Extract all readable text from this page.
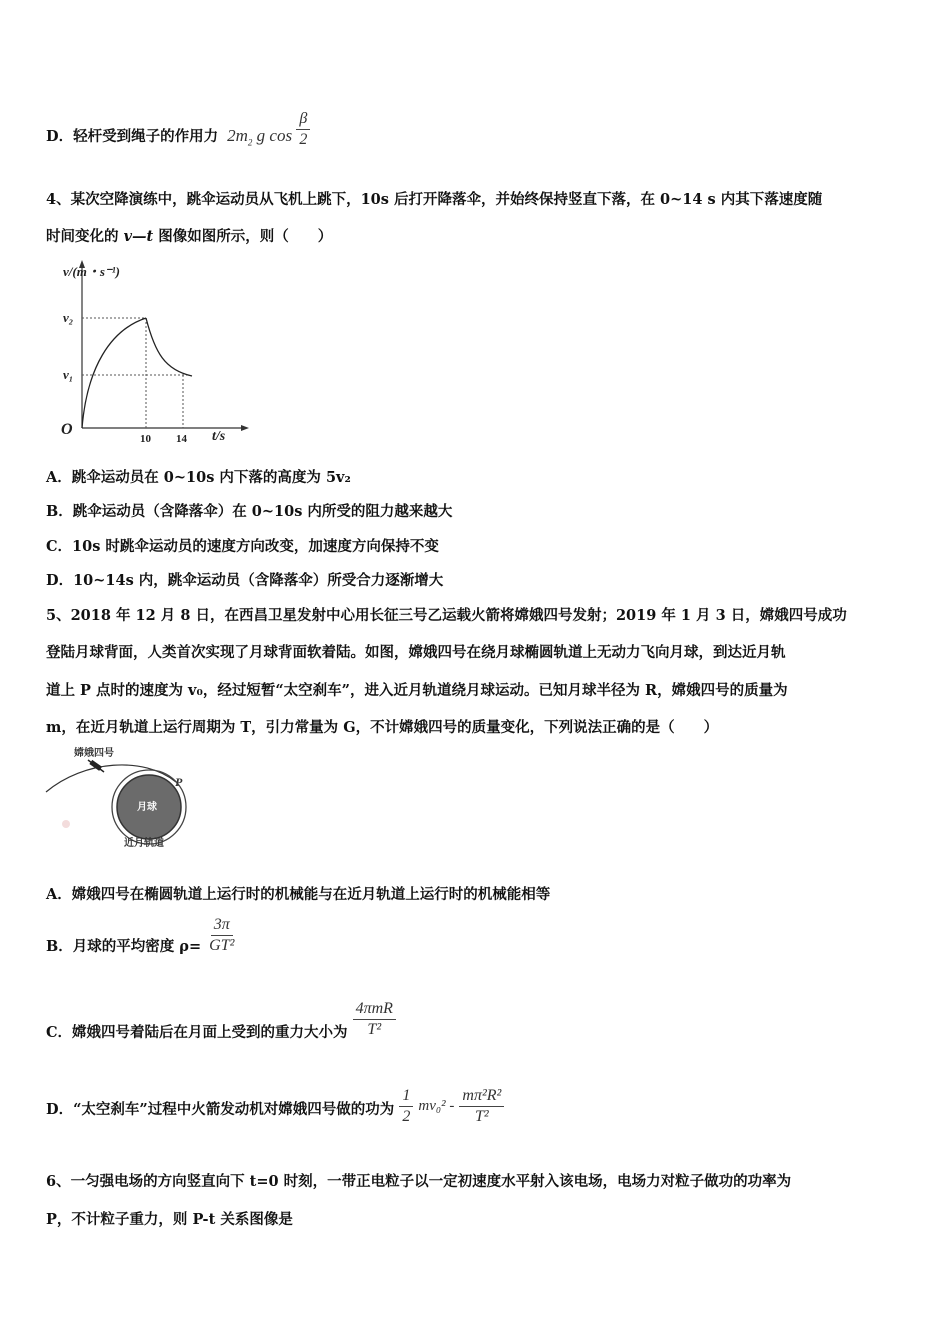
D．轻杆受到绳子的作用力 $2m_2$ g $\cos \frac{\beta}{2}$
4、某次空降演练中，跳伞运动员从飞机上跳下，10s 后打开降落伞，并始终保持竖直下落，在 0~14 s 内其下落速度随
时间变化的 v—t 图像如图所示，则（　　）
v/(m・s⁻¹)
v₂
v₁
O
10 14 t/s
A．跳伞运动员在 0~10s 内下落的高度为 5v₂
B．跳伞运动员（含降落伞）在 0~10s 内所受的阻力越来越大
C．10s 时跳伞运动员的速度方向改变，加速度方向保持不变
D．10~14s 内，跳伞运动员（含降落伞）所受合力逐渐增大
5、2018 年 12 月 8 日，在西昌卫星发射中心用长征三号乙运载火箭将嫦娥四号发射；2019 年 1 月 3 日，嫦娥四号成功
登陆月球背面，人类首次实现了月球背面软着陆。如图，嫦娥四号在绕月球椭圆轨道上无动力飞向月球，到达近月轨
道上 P 点时的速度为 v₀，经过短暂“太空刹车”，进入近月轨道绕月球运动。已知月球半径为 R，嫦娥四号的质量为
m，在近月轨道上运行周期为 T，引力常量为 G，不计嫦娥四号的质量变化，下列说法正确的是（　　）
嫦娥四号
月球
P
近月轨道
A．嫦娥四号在椭圆轨道上运行时的机械能与在近月轨道上运行时的机械能相等
B．月球的平均密度 $\rho= \frac{3\pi}{\text{GT²}}$
C．嫦娥四号着陆后在月面上受到的重力大小为 $\frac{\text{4πmR}}{\text{T²}}$
D．“太空刹车”过程中火箭发动机对嫦娥四号做的功为 $\frac{1}{2} mv_0^2 - \frac{\text{mπ²R²}}{\text{T²}}$
6、一匀强电场的方向竖直向下 t=0 时刻，一带正电粒子以一定初速度水平射入该电场，电场力对粒子做功的功率为
P，不计粒子重力，则 P-t 关系图像是
